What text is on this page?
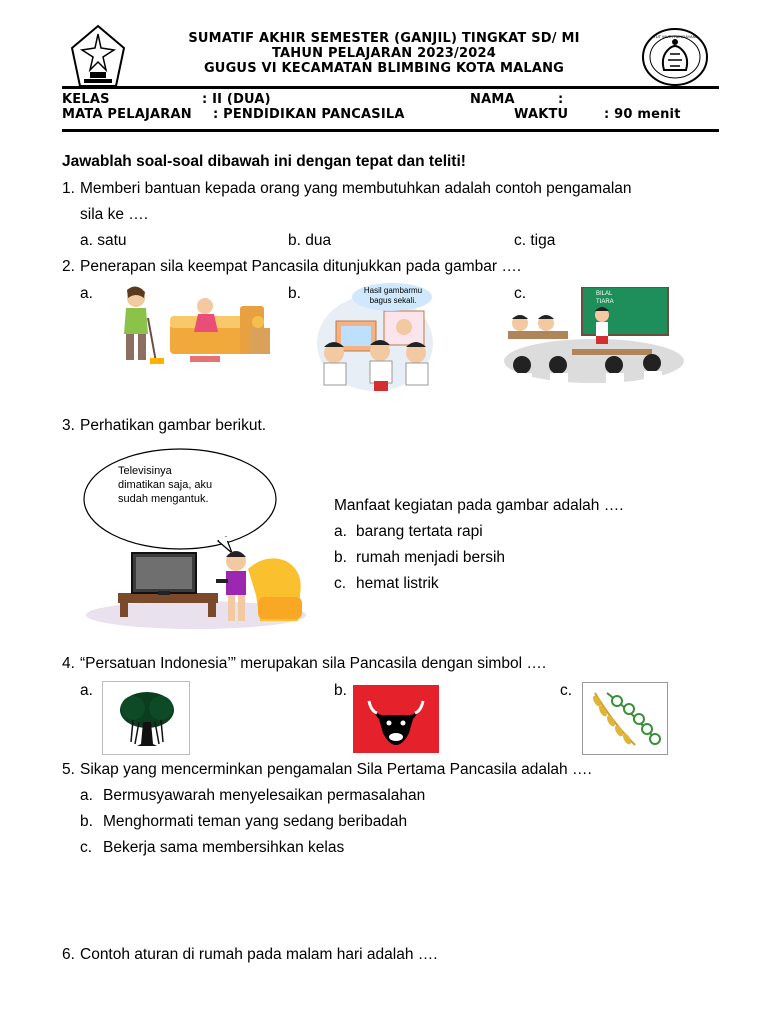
SUMATIF AKHIR SEMESTER (GANJIL) TINGKAT SD/ MI
TAHUN PELAJARAN 2023/2024
GUGUS VI KECAMATAN BLIMBING KOTA MALANG
TUT WURI HANDAYANI
KELAS	: II (DUA)	NAMA	:
MATA PELAJARAN : PENDIDIKAN PANCASILA	WAKTU	: 90 menit
Jawablah soal-soal dibawah ini dengan tepat dan teliti!
1. Memberi bantuan kepada orang yang membutuhkan adalah contoh pengamalan
sila ke ….
a. satu	b. dua	c. tiga
2. Penerapan sila keempat Pancasila ditunjukkan pada gambar ….
a.	b.	c.
Hasil gambarmu bagus sekali.
BILAL
TIARA
3. Perhatikan gambar berikut.
Televisinya
dimatikan saja, aku
sudah mengantuk.	Manfaat kegiatan pada gambar adalah ….
a. barang tertata rapi
b. rumah menjadi bersih
c. hemat listrik
4. “Persatuan Indonesia’” merupakan sila Pancasila dengan simbol ….
a.	b.	c.
5. Sikap yang mencerminkan pengamalan Sila Pertama Pancasila adalah ….
a. Bermusyawarah menyelesaikan permasalahan
b. Menghormati teman yang sedang beribadah
c. Bekerja sama membersihkan kelas
6. Contoh aturan di rumah pada malam hari adalah ….
